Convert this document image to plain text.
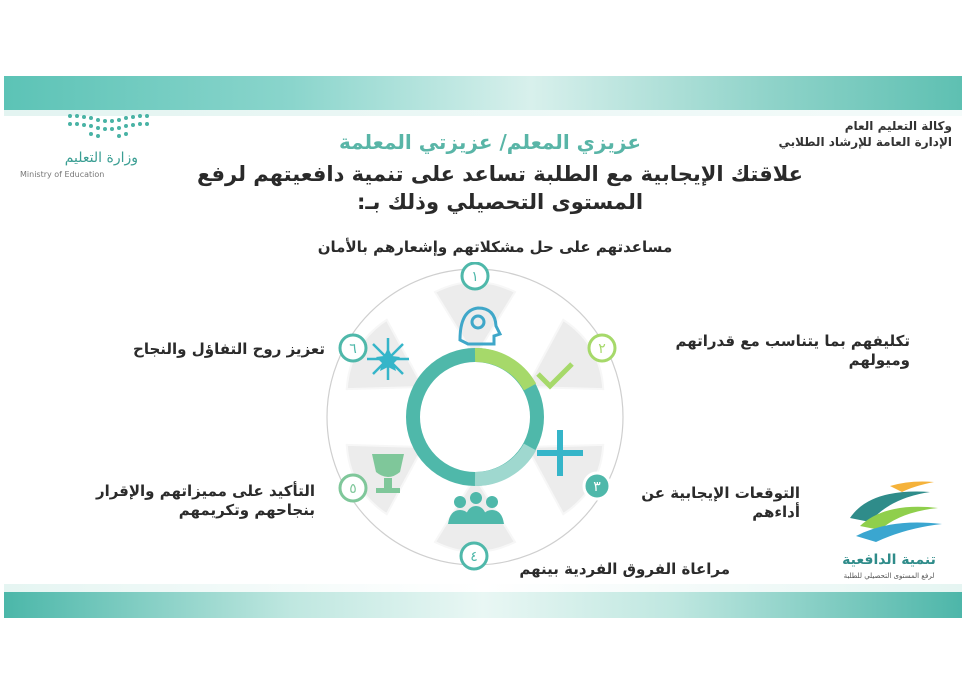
وكالة التعليم العام
الإدارة العامة للإرشاد الطلابي
وزارة التعليم
Ministry of Education
عزيزي المعلم/ عزيزتي المعلمة
علاقتك الإيجابية مع الطلبة تساعد على تنمية دافعيتهم لرفع
المستوى التحصيلي وذلك بـ:
مساعدتهم على حل مشكلاتهم وإشعارهم بالأمان
تكليفهم بما يتناسب مع قدراتهم وميولهم
التوقعات الإيجابية عن أداءهم
مراعاة الفروق الفردية بينهم
التأكيد على مميزاتهم والإقرار بنجاحهم وتكريمهم
تعزيز روح التفاؤل والنجاح
١
٢
٣
٤
٥
٦
تنمية الدافعية
لرفع المستوى التحصيلي للطلبة
